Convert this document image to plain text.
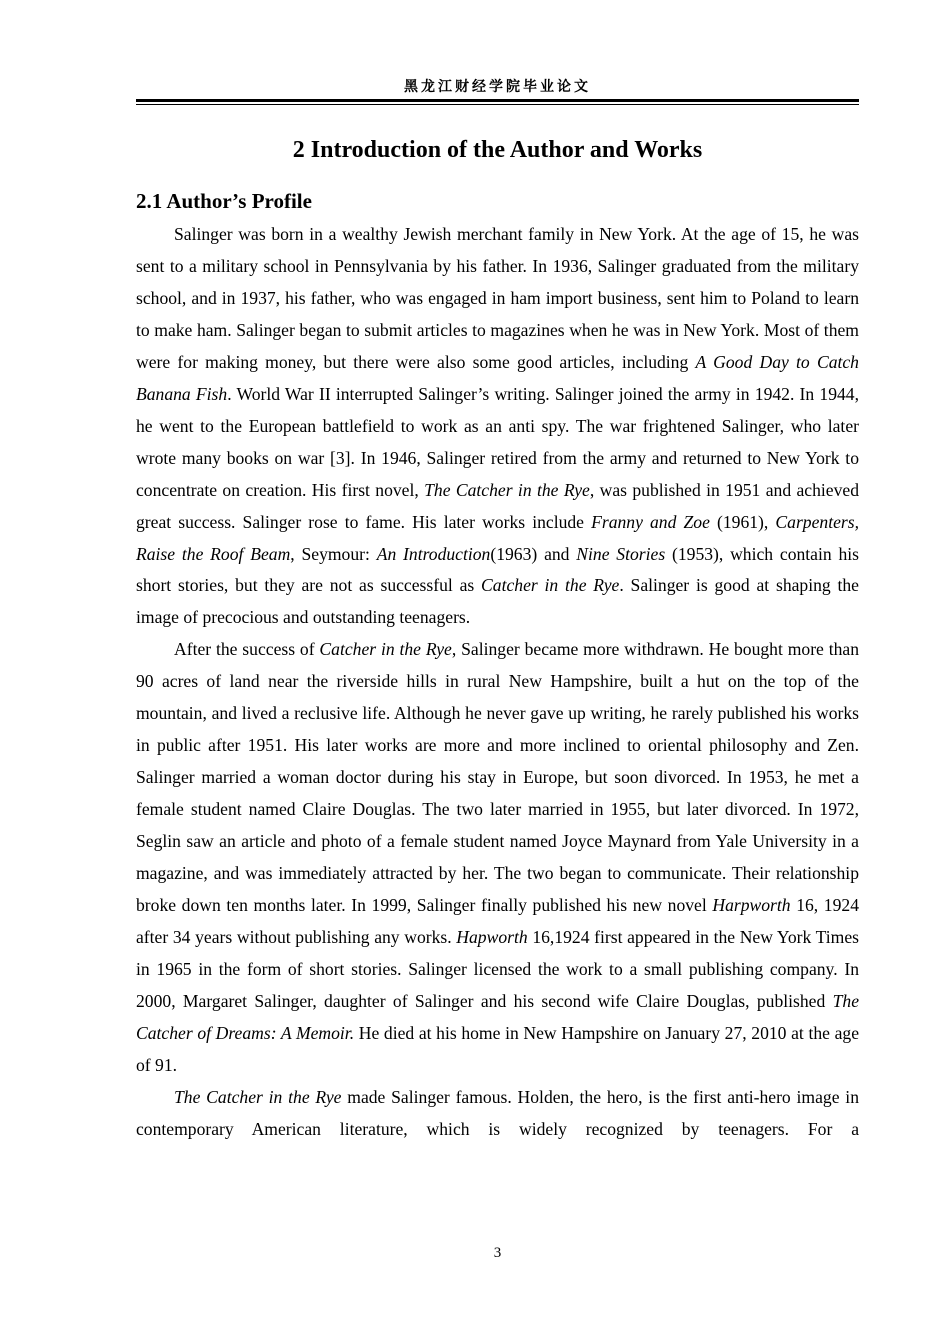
黑龙江财经学院毕业论文
2 Introduction of the Author and Works
2.1 Author’s Profile

Salinger was born in a wealthy Jewish merchant family in New York. At the age of 15, he was sent to a military school in Pennsylvania by his father. In 1936, Salinger graduated from the military school, and in 1937, his father, who was engaged in ham import business, sent him to Poland to learn to make ham. Salinger began to submit articles to magazines when he was in New York. Most of them were for making money, but there were also some good articles, including A Good Day to Catch Banana Fish. World War II interrupted Salinger’s writing. Salinger joined the army in 1942. In 1944, he went to the European battlefield to work as an anti spy. The war frightened Salinger, who later wrote many books on war [3]. In 1946, Salinger retired from the army and returned to New York to concentrate on creation. His first novel, The Catcher in the Rye, was published in 1951 and achieved great success. Salinger rose to fame. His later works include Franny and Zoe (1961), Carpenters, Raise the Roof Beam, Seymour: An Introduction(1963) and Nine Stories (1953), which contain his short stories, but they are not as successful as Catcher in the Rye. Salinger is good at shaping the image of precocious and outstanding teenagers.

After the success of Catcher in the Rye, Salinger became more withdrawn. He bought more than 90 acres of land near the riverside hills in rural New Hampshire, built a hut on the top of the mountain, and lived a reclusive life. Although he never gave up writing, he rarely published his works in public after 1951. His later works are more and more inclined to oriental philosophy and Zen. Salinger married a woman doctor during his stay in Europe, but soon divorced. In 1953, he met a female student named Claire Douglas. The two later married in 1955, but later divorced. In 1972, Seglin saw an article and photo of a female student named Joyce Maynard from Yale University in a magazine, and was immediately attracted by her. The two began to communicate. Their relationship broke down ten months later. In 1999, Salinger finally published his new novel Harpworth 16, 1924 after 34 years without publishing any works. Hapworth 16,1924 first appeared in the New York Times in 1965 in the form of short stories. Salinger licensed the work to a small publishing company. In 2000, Margaret Salinger, daughter of Salinger and his second wife Claire Douglas, published The Catcher of Dreams: A Memoir. He died at his home in New Hampshire on January 27, 2010 at the age of 91.

The Catcher in the Rye made Salinger famous. Holden, the hero, is the first anti-hero image in contemporary American literature, which is widely recognized by teenagers. For a

3
